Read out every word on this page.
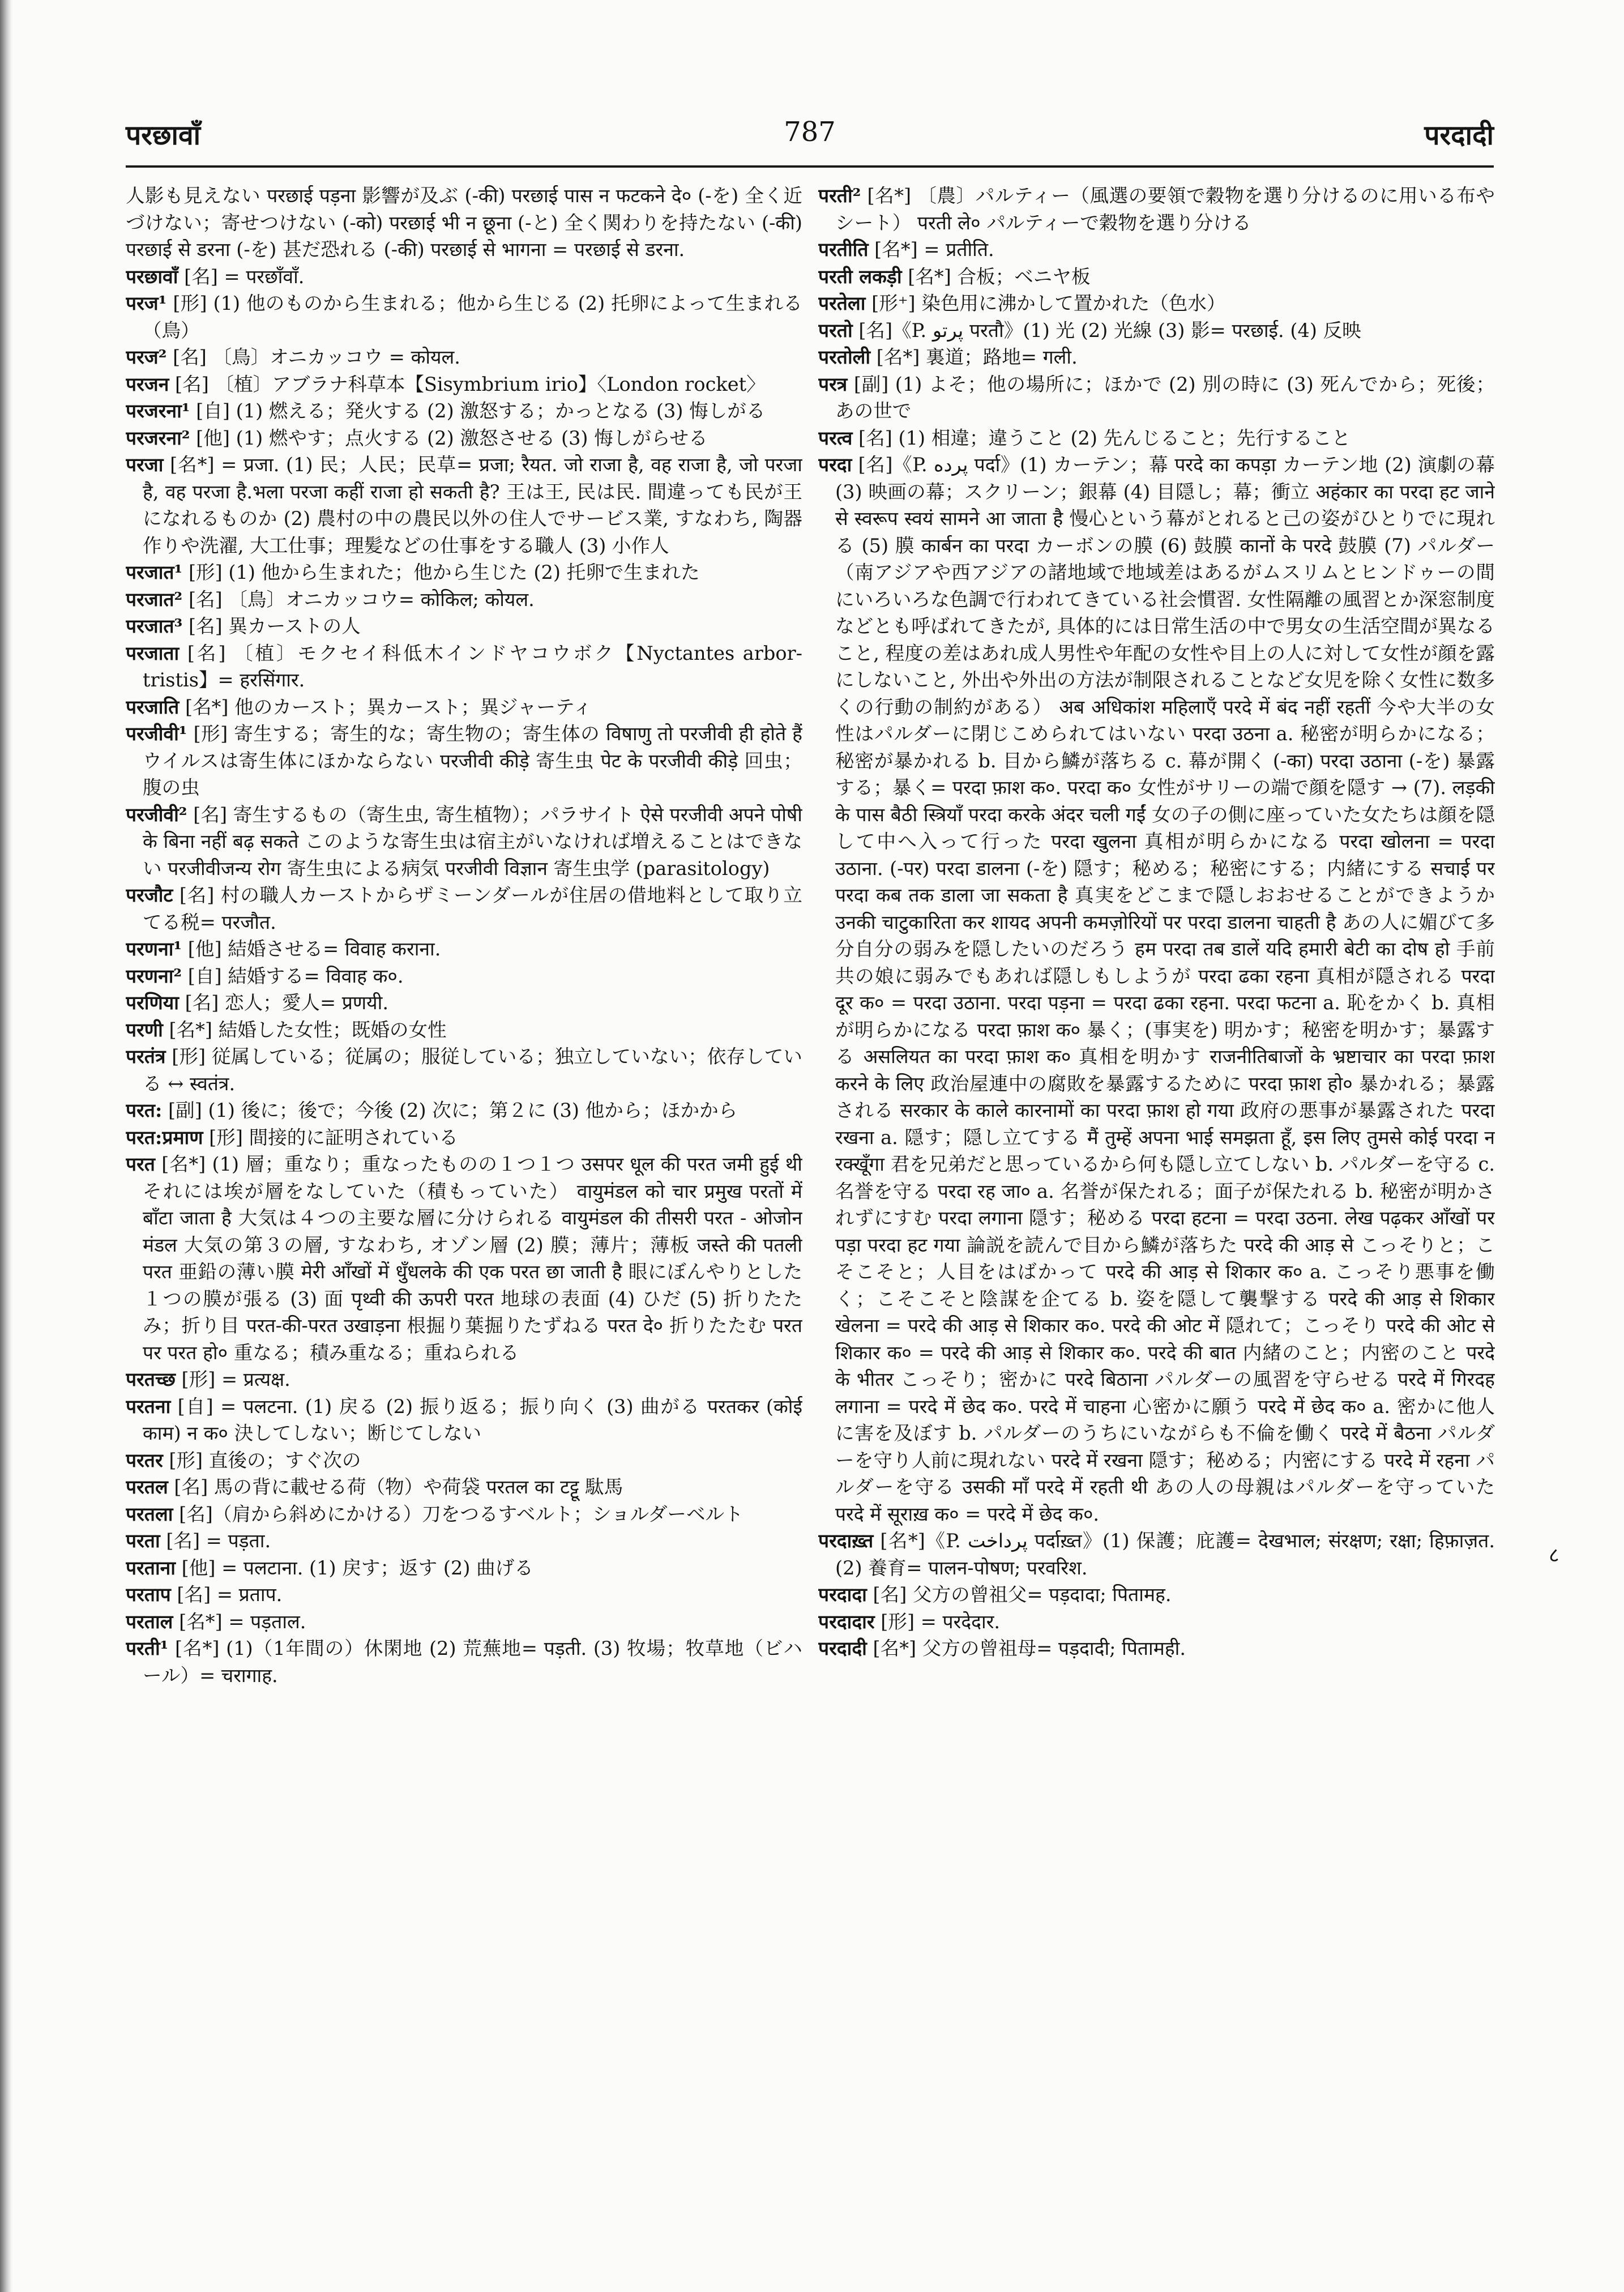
परछावाँ	787	परदादी

人影も見えない परछाई पड़ना 影響が及ぶ (-की) परछाई पास न फटकने दे० (-を) 全く近づけない；寄せつけない (-को) परछाई भी न छूना (-と) 全く関わりを持たない (-की) परछाई से डरना (-を) 甚だ恐れる (-की) परछाई से भागना = परछाई से डरना.

परछावाँ [名] = परछाँवाँ.

परज¹ [形] (1) 他のものから生まれる；他から生じる (2) 托卵によって生まれる（鳥）

परज² [名] 〔鳥〕オニカッコウ = कोयल.

परजन [名] 〔植〕アブラナ科草本【Sisymbrium irio】〈London rocket〉

परजरना¹ [自] (1) 燃える；発火する (2) 激怒する；かっとなる (3) 悔しがる

परजरना² [他] (1) 燃やす；点火する (2) 激怒させる (3) 悔しがらせる

परजा [名*] = प्रजा. (1) 民；人民；民草= प्रजा; रैयत. जो राजा है, वह राजा है, जो परजा है, वह परजा है.भला परजा कहीं राजा हो सकती है? 王は王, 民は民. 間違っても民が王になれるものか (2) 農村の中の農民以外の住人でサービス業, すなわち, 陶器作りや洗濯, 大工仕事；理髪などの仕事をする職人 (3) 小作人

परजात¹ [形] (1) 他から生まれた；他から生じた (2) 托卵で生まれた

परजात² [名] 〔鳥〕オニカッコウ= कोकिल; कोयल.

परजात³ [名] 異カーストの人

परजाता [名] 〔植〕モクセイ科低木インドヤコウボク【Nyctantes arbor-tristis】= हरसिंगार.

परजाति [名*] 他のカースト；異カースト；異ジャーティ

परजीवी¹ [形] 寄生する；寄生的な；寄生物の；寄生体の विषाणु तो परजीवी ही होते हैं ウイルスは寄生体にほかならない परजीवी कीड़े 寄生虫 पेट के परजीवी कीड़े 回虫；腹の虫

परजीवी² [名] 寄生するもの（寄生虫, 寄生植物）；パラサイト ऐसे परजीवी अपने पोषी के बिना नहीं बढ़ सकते このような寄生虫は宿主がいなければ増えることはできない परजीवीजन्य रोग 寄生虫による病気 परजीवी विज्ञान 寄生虫学 (parasitology)

परजौट [名] 村の職人カーストからザミーンダールが住居の借地料として取り立てる税= परजौत.

परणना¹ [他] 結婚させる= विवाह कराना.

परणना² [自] 結婚する= विवाह क०.

परणिया [名] 恋人；愛人= प्रणयी.

परणी [名*] 結婚した女性；既婚の女性

परतंत्र [形] 従属している；従属の；服従している；独立していない；依存している ↔ स्वतंत्र.

परत: [副] (1) 後に；後で；今後 (2) 次に；第２に (3) 他から；ほかから

परत:प्रमाण [形] 間接的に証明されている

परत [名*] (1) 層；重なり；重なったものの１つ１つ उसपर धूल की परत जमी हुई थी それには埃が層をなしていた（積もっていた） वायुमंडल को चार प्रमुख परतों में बाँटा जाता है 大気は４つの主要な層に分けられる वायुमंडल की तीसरी परत - ओजोन मंडल 大気の第３の層, すなわち, オゾン層 (2) 膜；薄片；薄板 जस्ते की पतली परत 亜鉛の薄い膜 मेरी आँखों में धुँधलके की एक परत छा जाती है 眼にぼんやりとした１つの膜が張る (3) 面 पृथ्वी की ऊपरी परत 地球の表面 (4) ひだ (5) 折りたたみ；折り目 परत-की-परत उखाड़ना 根掘り葉掘りたずねる परत दे० 折りたたむ परत पर परत हो० 重なる；積み重なる；重ねられる

परतच्छ [形] = प्रत्यक्ष.

परतना [自] = पलटना. (1) 戻る (2) 振り返る；振り向く (3) 曲がる परतकर (कोई काम) न क० 決してしない；断じてしない

परतर [形] 直後の；すぐ次の

परतल [名] 馬の背に載せる荷（物）や荷袋 परतल का टट्टू 駄馬

परतला [名]（肩から斜めにかける）刀をつるすベルト；ショルダーベルト

परता [名] = पड़ता.

परताना [他] = पलटाना. (1) 戻す；返す (2) 曲げる

परताप [名] = प्रताप.

परताल [名*] = पड़ताल.

परती¹ [名*] (1)（1年間の）休閑地 (2) 荒蕪地= पड़ती. (3) 牧場；牧草地（ビハール）= चरागाह.

परती² [名*] 〔農〕パルティー（風選の要領で穀物を選り分けるのに用いる布やシート） परती ले० パルティーで穀物を選り分ける

परतीति [名*] = प्रतीति.

परती लकड़ी [名*] 合板；ベニヤ板

परतेला [形⁺] 染色用に沸かして置かれた（色水）

परतो [名]《P. پرتو परतौ》(1) 光 (2) 光線 (3) 影= परछाई. (4) 反映

परतोली [名*] 裏道；路地= गली.

परत्र [副] (1) よそ；他の場所に；ほかで (2) 別の時に (3) 死んでから；死後；あの世で

परत्व [名] (1) 相違；違うこと (2) 先んじること；先行すること

परदा [名]《P. پرده पर्दा》(1) カーテン；幕 परदे का कपड़ा カーテン地 (2) 演劇の幕 (3) 映画の幕；スクリーン；銀幕 (4) 目隠し；幕；衝立 अहंकार का परदा हट जाने से स्वरूप स्वयं सामने आ जाता है 慢心という幕がとれると己の姿がひとりでに現れる (5) 膜 कार्बन का परदा カーボンの膜 (6) 鼓膜 कानों के परदे 鼓膜 (7) パルダー（南アジアや西アジアの諸地域で地域差はあるがムスリムとヒンドゥーの間にいろいろな色調で行われてきている社会慣習. 女性隔離の風習とか深窓制度などとも呼ばれてきたが, 具体的には日常生活の中で男女の生活空間が異なること, 程度の差はあれ成人男性や年配の女性や目上の人に対して女性が顔を露にしないこと, 外出や外出の方法が制限されることなど女児を除く女性に数多くの行動の制約がある） अब अधिकांश महिलाएँ परदे में बंद नहीं रहतीं 今や大半の女性はパルダーに閉じこめられてはいない परदा उठना a. 秘密が明らかになる；秘密が暴かれる b. 目から鱗が落ちる c. 幕が開く (-का) परदा उठाना (-を) 暴露する；暴く= परदा फ़ाश क०. परदा क० 女性がサリーの端で顔を隠す → (7). लड़की के पास बैठी स्त्रियाँ परदा करके अंदर चली गईं 女の子の側に座っていた女たちは顔を隠して中へ入って行った परदा खुलना 真相が明らかになる परदा खोलना = परदा उठाना. (-पर) परदा डालना (-を) 隠す；秘める；秘密にする；内緒にする सचाई पर परदा कब तक डाला जा सकता है 真実をどこまで隠しおおせることができようか उनकी चाटुकारिता कर शायद अपनी कमज़ोरियों पर परदा डालना चाहती है あの人に媚びて多分自分の弱みを隠したいのだろう हम परदा तब डालें यदि हमारी बेटी का दोष हो 手前共の娘に弱みでもあれば隠しもしようが परदा ढका रहना 真相が隠される परदा दूर क० = परदा उठाना. परदा पड़ना = परदा ढका रहना. परदा फटना a. 恥をかく b. 真相が明らかになる परदा फ़ाश क० 暴く；(事実を) 明かす；秘密を明かす；暴露する असलियत का परदा फ़ाश क० 真相を明かす राजनीतिबाजों के भ्रष्टाचार का परदा फ़ाश करने के लिए 政治屋連中の腐敗を暴露するために परदा फ़ाश हो० 暴かれる；暴露される सरकार के काले कारनामों का परदा फ़ाश हो गया 政府の悪事が暴露された परदा रखना a. 隠す；隠し立てする मैं तुम्हें अपना भाई समझता हूँ, इस लिए तुमसे कोई परदा न रक्खूँगा 君を兄弟だと思っているから何も隠し立てしない b. パルダーを守る c. 名誉を守る परदा रह जा० a. 名誉が保たれる；面子が保たれる b. 秘密が明かされずにすむ परदा लगाना 隠す；秘める परदा हटना = परदा उठना. लेख पढ़कर आँखों पर पड़ा परदा हट गया 論説を読んで目から鱗が落ちた परदे की आड़ से こっそりと；こそこそと；人目をはばかって परदे की आड़ से शिकार क० a. こっそり悪事を働く；こそこそと陰謀を企てる b. 姿を隠して襲撃する परदे की आड़ से शिकार खेलना = परदे की आड़ से शिकार क०. परदे की ओट में 隠れて；こっそり परदे की ओट से शिकार क० = परदे की आड़ से शिकार क०. परदे की बात 内緒のこと；内密のこと परदे के भीतर こっそり；密かに परदे बिठाना パルダーの風習を守らせる परदे में गिरदह लगाना = परदे में छेद क०. परदे में चाहना 心密かに願う परदे में छेद क० a. 密かに他人に害を及ぼす b. パルダーのうちにいながらも不倫を働く परदे में बैठना パルダーを守り人前に現れない परदे में रखना 隠す；秘める；内密にする परदे में रहना パルダーを守る उसकी माँ परदे में रहती थी あの人の母親はパルダーを守っていた परदे में सूराख़ क० = परदे में छेद क०.

परदाख़्त [名*]《P. پرداخت पर्दाख़्त》(1) 保護；庇護= देखभाल; संरक्षण; रक्षा; हिफ़ाज़त. (2) 養育= पालन-पोषण; परवरिश.

परदादा [名] 父方の曾祖父= पड़दादा; पितामह.

परदादार [形] = परदेदार.

परदादी [名*] 父方の曾祖母= पड़दादी; पितामही.

८
